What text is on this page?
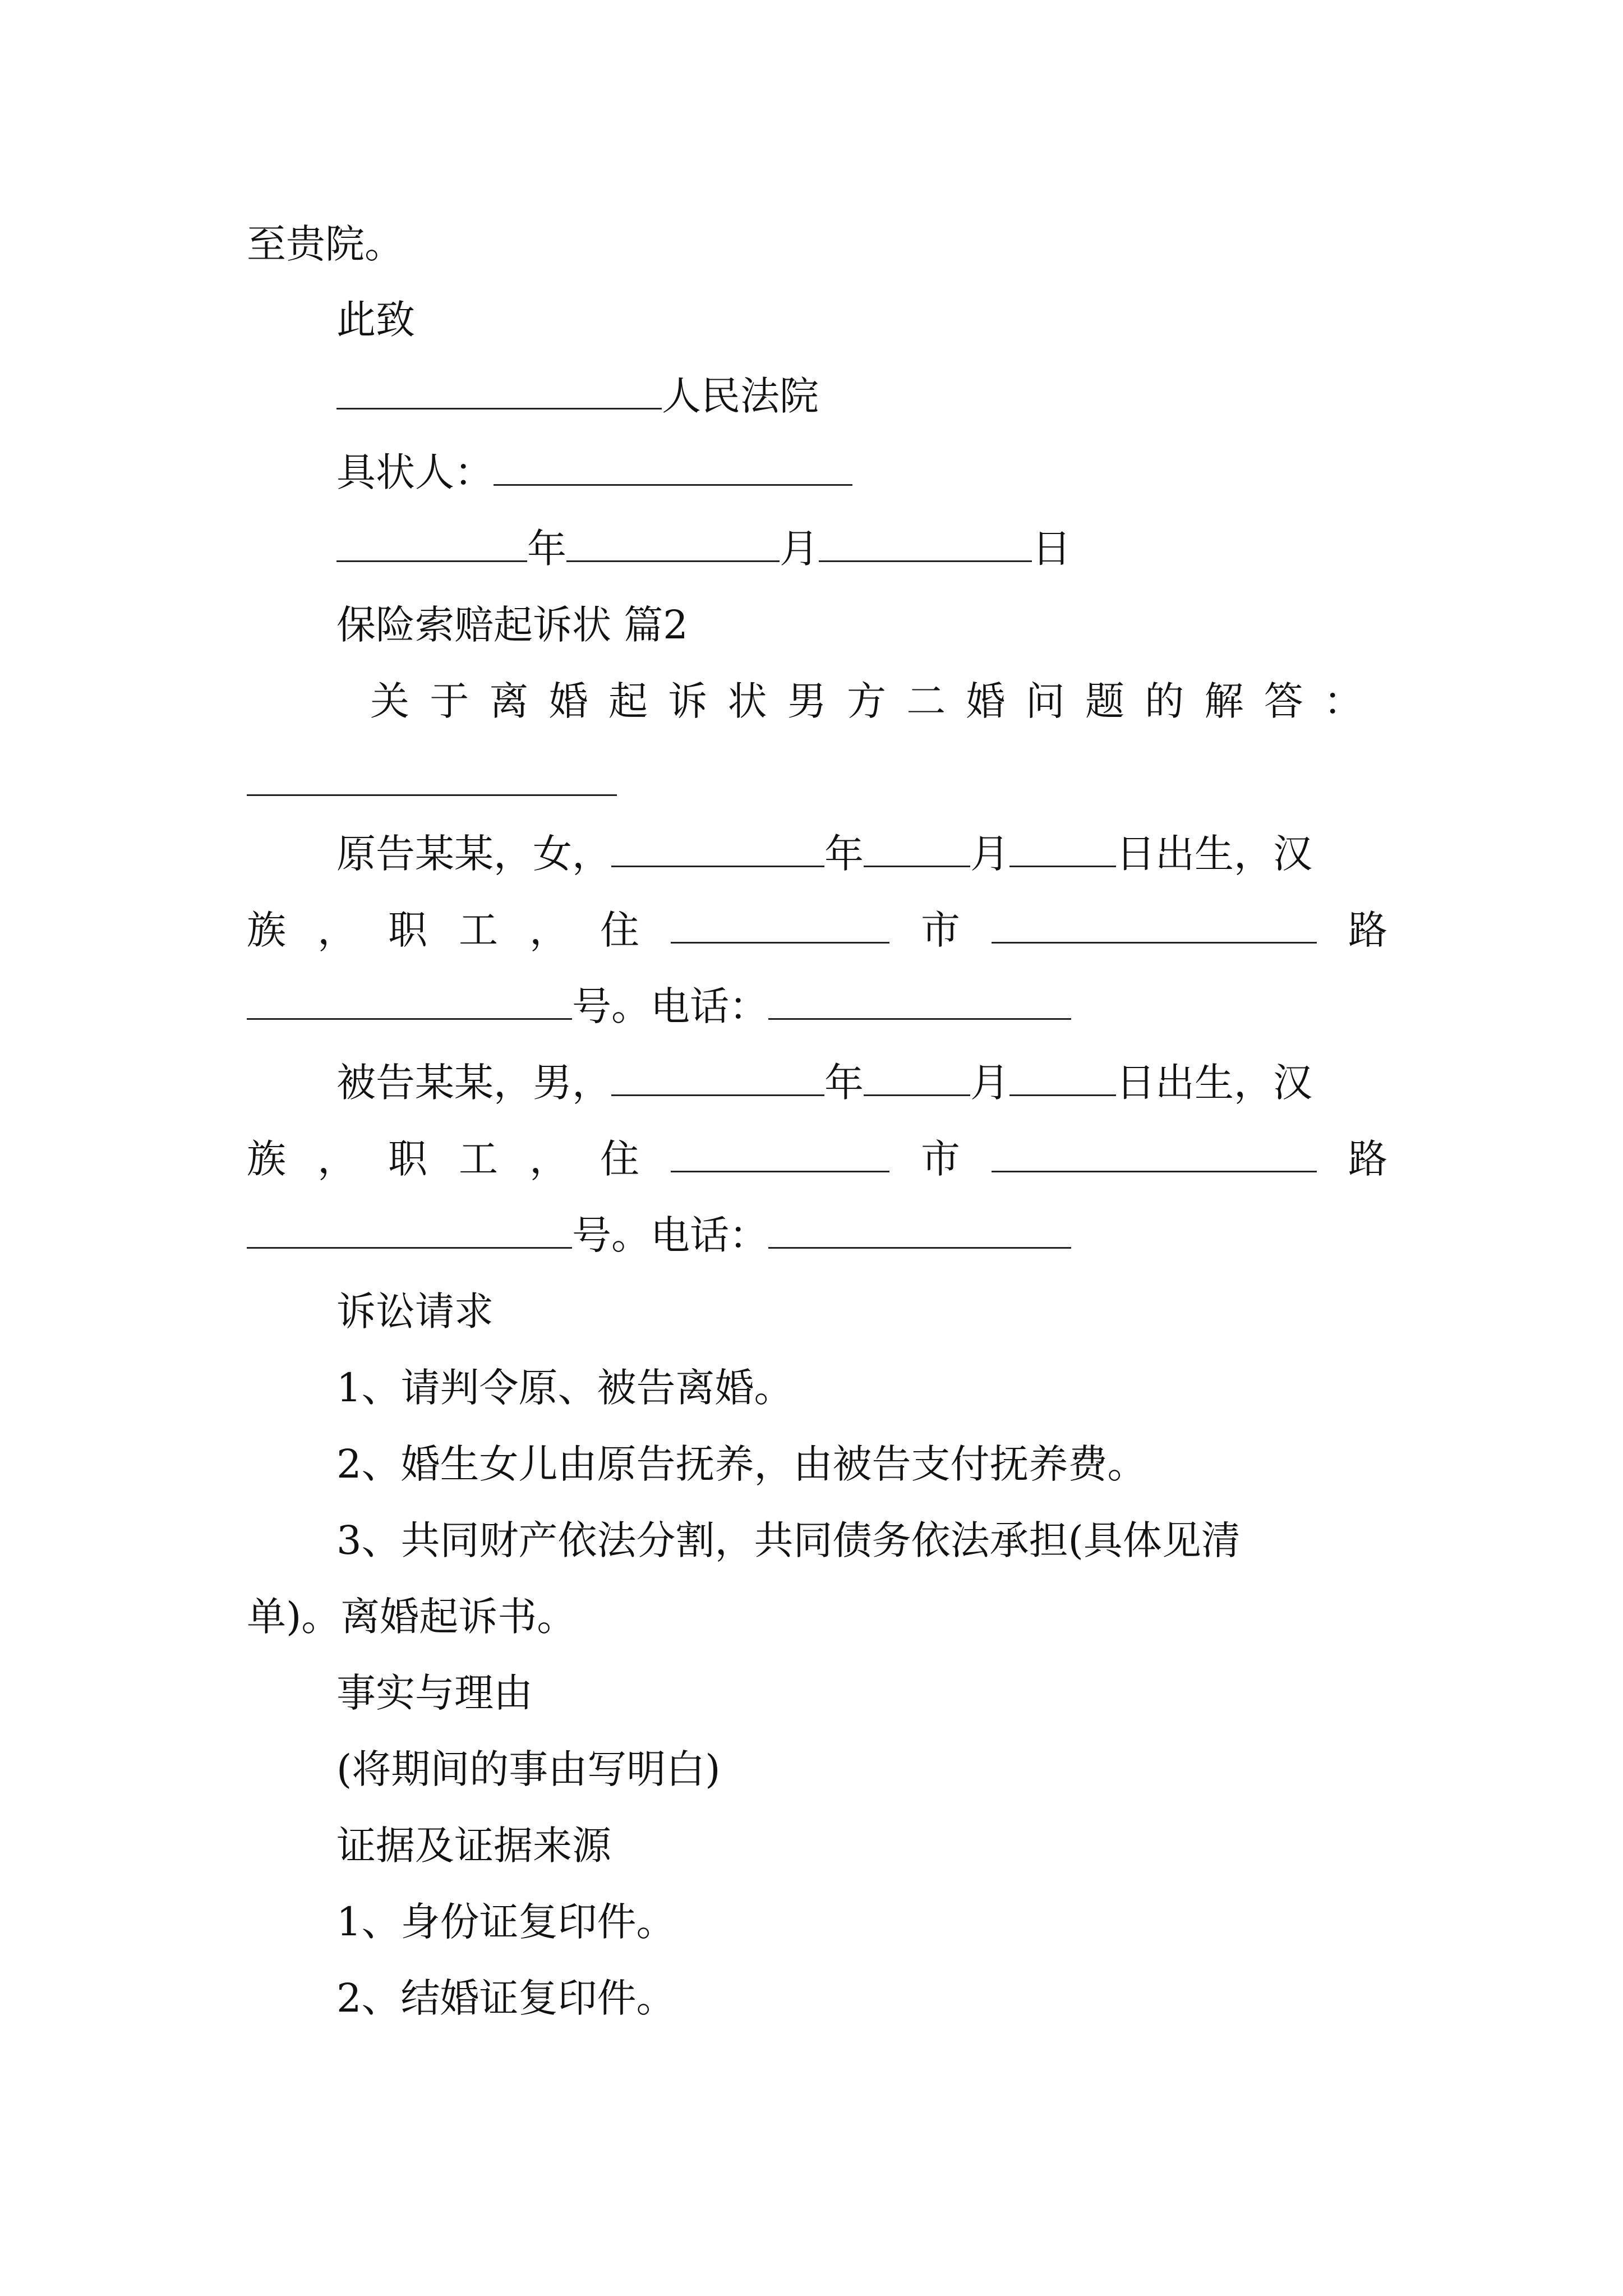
至贵院。
此致
人民法院
具状人：
年	月	日
保险索赔起诉状 篇2
关 于 离 婚 起 诉 状 男 方 二 婚 问 题 的 解 答 ：
原告某某，女，	年	月	日出生，汉
族 ， 职 工 ， 住	市	路
号。电话：
被告某某，男，	年	月	日出生，汉
族 ， 职 工 ， 住	市	路
号。电话：
诉讼请求
1、请判令原、被告离婚。
2、婚生女儿由原告抚养，由被告支付抚养费。
3、共同财产依法分割，共同债务依法承担(具体见清
单)。离婚起诉书。
事实与理由
(将期间的事由写明白)
证据及证据来源
1、身份证复印件。
2、结婚证复印件。
